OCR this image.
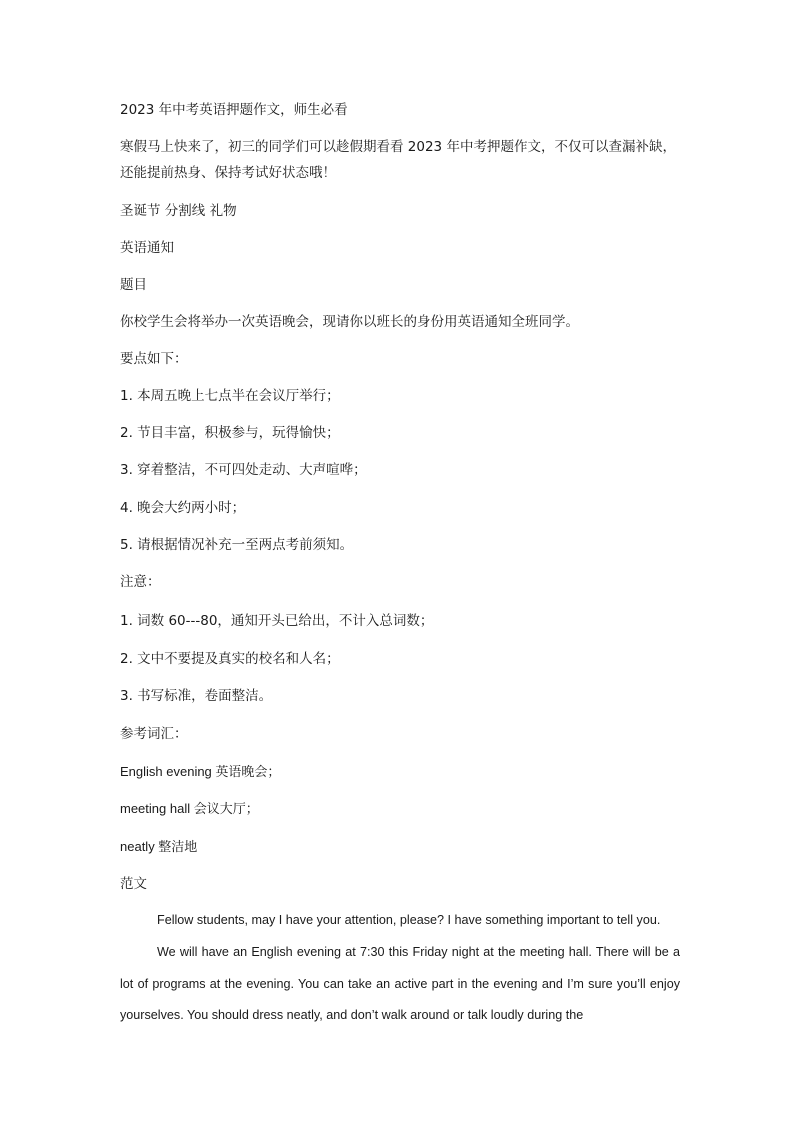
2023 年中考英语押题作文，师生必看
寒假马上快来了，初三的同学们可以趁假期看看 2023 年中考押题作文，不仅可以查漏补缺，还能提前热身、保持考试好状态哦！
圣诞节 分割线 礼物
英语通知
题目
你校学生会将举办一次英语晚会，现请你以班长的身份用英语通知全班同学。
要点如下：
1. 本周五晚上七点半在会议厅举行；
2. 节目丰富，积极参与，玩得愉快；
3. 穿着整洁，不可四处走动、大声喧哗；
4. 晚会大约两小时；
5. 请根据情况补充一至两点考前须知。
注意：
1. 词数 60---80，通知开头已给出，不计入总词数；
2. 文中不要提及真实的校名和人名；
3. 书写标准，卷面整洁。
参考词汇：
English evening 英语晚会；
meeting hall 会议大厅；
neatly 整洁地
范文
Fellow students, may I have your attention, please? I have something important to tell you.
We will have an English evening at 7:30 this Friday night at the meeting hall. There will be a lot of programs at the evening. You can take an active part in the evening and I’m sure you’ll enjoy yourselves. You should dress neatly, and don’t walk around or talk loudly during the
